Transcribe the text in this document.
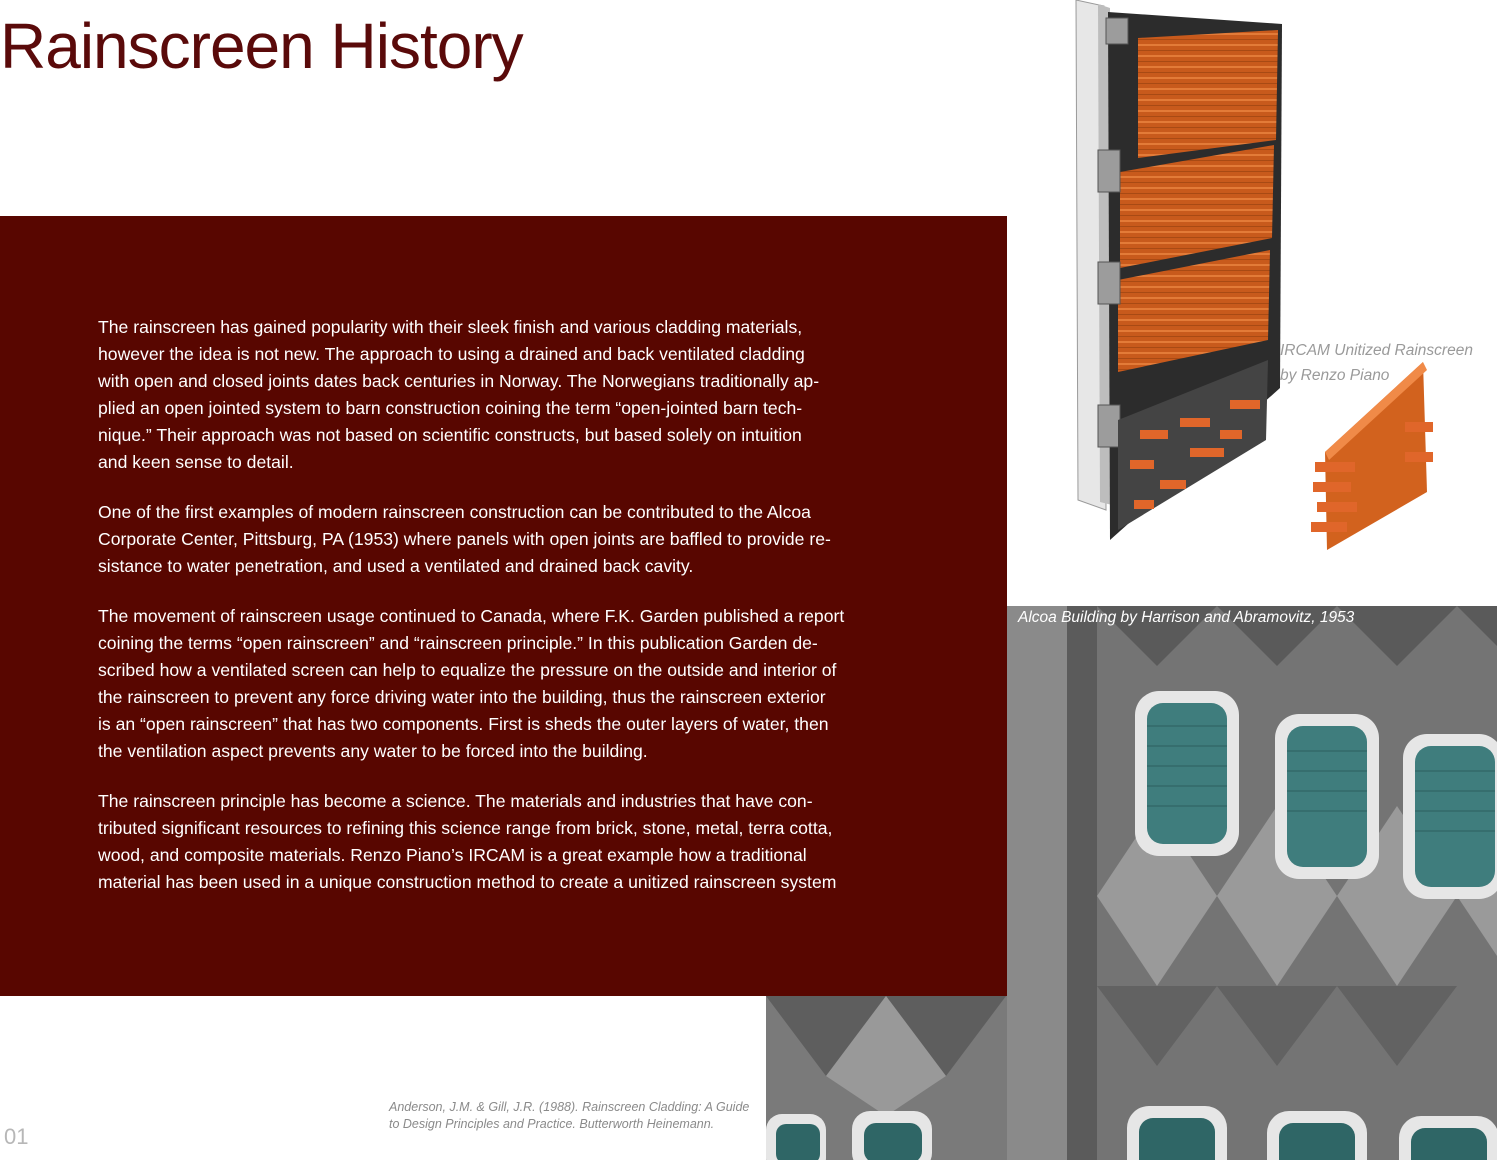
Rainscreen History

The rainscreen has gained popularity with their sleek finish and various cladding materials,
however the idea is not new. The approach to using a drained and back ventilated cladding
with open and closed joints dates back centuries in Norway. The Norwegians traditionally ap-
plied an open jointed system to barn construction coining the term “open-jointed barn tech-
nique.” Their approach was not based on scientific constructs, but based solely on intuition
and keen sense to detail.

One of the first examples of modern rainscreen construction can be contributed to the Alcoa
Corporate Center, Pittsburg, PA (1953) where panels with open joints are baffled to provide re-
sistance to water penetration, and used a ventilated and drained back cavity.

The movement of rainscreen usage continued to Canada, where F.K. Garden published a report
coining the terms “open rainscreen” and “rainscreen principle.” In this publication Garden de-
scribed how a ventilated screen can help to equalize the pressure on the outside and interior of
the rainscreen to prevent any force driving water into the building, thus the rainscreen exterior
is an “open rainscreen” that has two components. First is sheds the outer layers of water, then
the ventilation aspect prevents any water to be forced into the building.

The rainscreen principle has become a science. The materials and industries that have con-
tributed significant resources to refining this science range from brick, stone, metal, terra cotta,
wood, and composite materials. Renzo Piano’s IRCAM is a great example how a traditional
material has been used in a unique construction method to create a unitized rainscreen system

IRCAM Unitized Rainscreen
by Renzo Piano
Alcoa Building by Harrison and Abramovitz, 1953
Anderson, J.M. & Gill, J.R. (1988). Rainscreen Cladding: A Guide
to Design Principles and Practice. Butterworth Heinemann.
01
